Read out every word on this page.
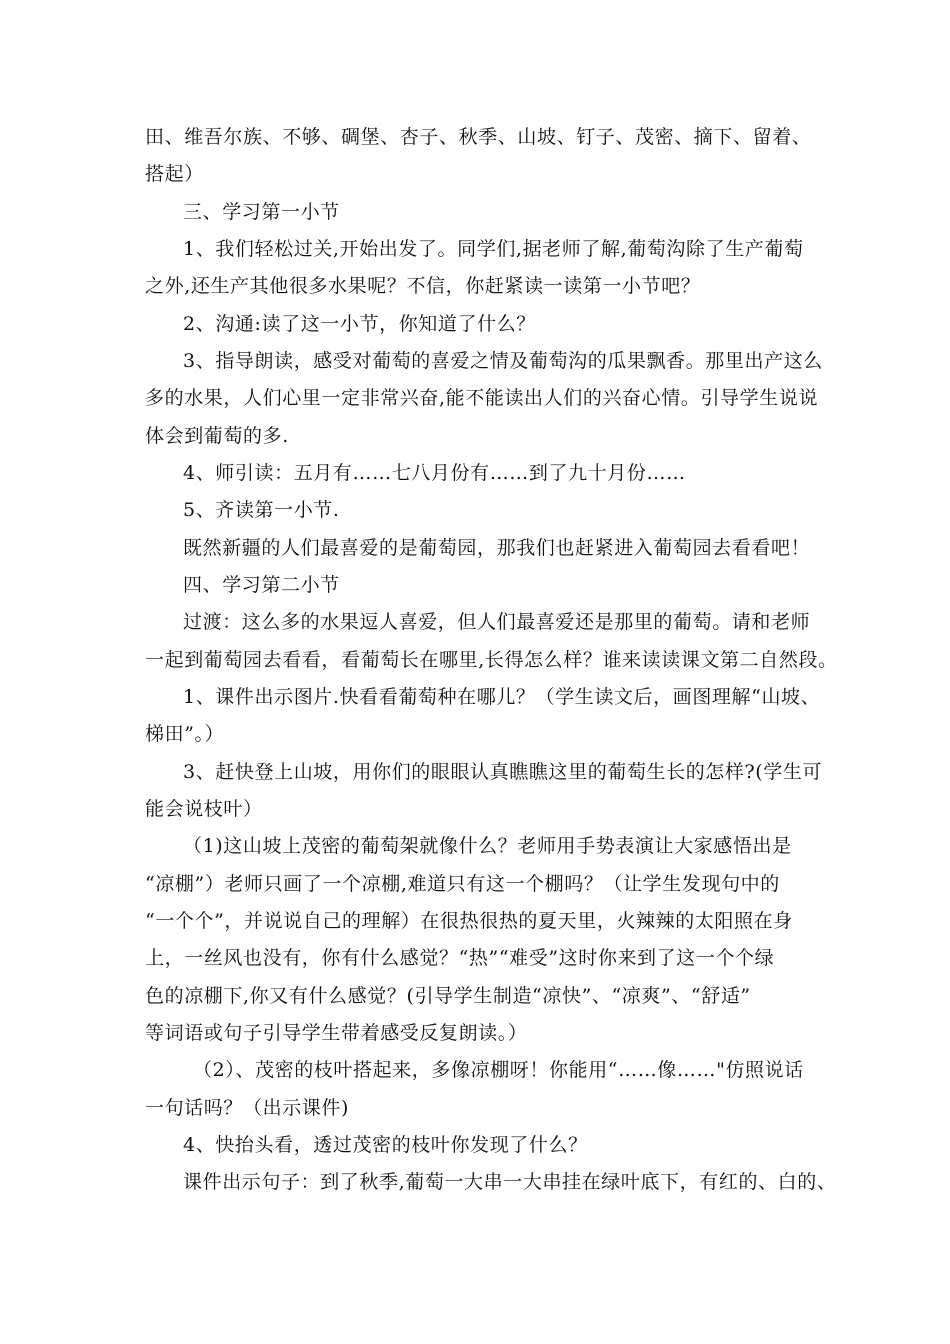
田、维吾尔族、不够、碉堡、杏子、秋季、山坡、钉子、茂密、摘下、留着、
搭起）
三、学习第一小节
1、我们轻松过关,开始出发了。同学们,据老师了解,葡萄沟除了生产葡萄
之外,还生产其他很多水果呢？不信，你赶紧读一读第一小节吧？
2、沟通:读了这一小节，你知道了什么？
3、指导朗读，感受对葡萄的喜爱之情及葡萄沟的瓜果飘香。那里出产这么
多的水果，人们心里一定非常兴奋,能不能读出人们的兴奋心情。引导学生说说
体会到葡萄的多.
4、师引读：五月有……七八月份有……到了九十月份……
5、齐读第一小节.
既然新疆的人们最喜爱的是葡萄园，那我们也赶紧进入葡萄园去看看吧！
四、学习第二小节
过渡：这么多的水果逗人喜爱，但人们最喜爱还是那里的葡萄。请和老师
一起到葡萄园去看看，看葡萄长在哪里,长得怎么样？谁来读读课文第二自然段。
1、课件出示图片.快看看葡萄种在哪儿？（学生读文后，画图理解“山坡、
梯田”。）
3、赶快登上山坡，用你们的眼眼认真瞧瞧这里的葡萄生长的怎样?(学生可
能会说枝叶）
（1)这山坡上茂密的葡萄架就像什么？老师用手势表演让大家感悟出是
“凉棚”）老师只画了一个凉棚,难道只有这一个棚吗？（让学生发现句中的
“一个个”，并说说自己的理解）在很热很热的夏天里，火辣辣的太阳照在身
上，一丝风也没有，你有什么感觉？“热”“难受”这时你来到了这一个个绿
色的凉棚下,你又有什么感觉？(引导学生制造“凉快”、“凉爽”、“舒适”
等词语或句子引导学生带着感受反复朗读。）
（2）、茂密的枝叶搭起来，多像凉棚呀！你能用“……像……"仿照说话
一句话吗？（出示课件)
4、快抬头看，透过茂密的枝叶你发现了什么？
课件出示句子：到了秋季,葡萄一大串一大串挂在绿叶底下，有红的、白的、
